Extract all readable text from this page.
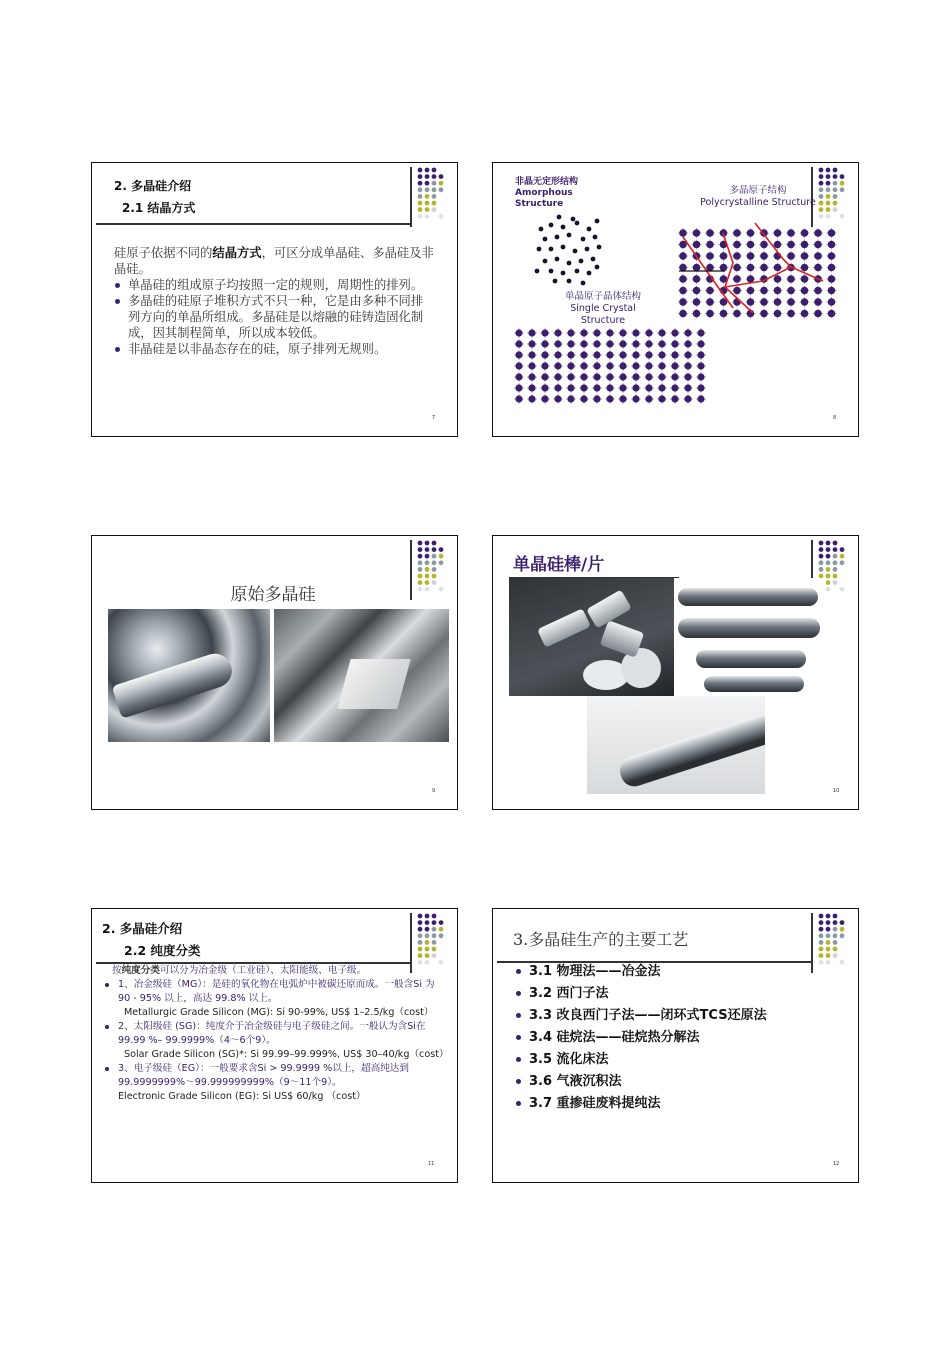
2. 多晶硅介绍
2.1 结晶方式
硅原子依据不同的结晶方式，可区分成单晶硅、多晶硅及非晶硅。
单晶硅的组成原子均按照一定的规则，周期性的排列。
多晶硅的硅原子堆积方式不只一种，它是由多种不同排列方向的单晶所组成。多晶硅是以熔融的硅铸造固化制成，因其制程简单，所以成本较低。
非晶硅是以非晶态存在的硅，原子排列无规则。
7
非晶无定形结构
Amorphous
Structure
多晶原子结构
Polycrystalline Structure
单晶原子晶体结构
Single Crystal
Structure
8
原始多晶硅
9
单晶硅棒/片
10
2. 多晶硅介绍
2.2 纯度分类
按纯度分类可以分为冶金级（工业硅）、太阳能级、电子级。
1、冶金级硅（MG）：是硅的氧化物在电弧炉中被碳还原而成。一般含Si 为90 - 95% 以上，高达 99.8% 以上。
Metallurgic Grade Silicon (MG): Si 90-99%, US$ 1–2.5/kg（cost）
2、太阳级硅 (SG)：纯度介于冶金级硅与电子级硅之间。一般认为含Si在 99.99 %– 99.9999%（4～6个9）。
Solar Grade Silicon (SG)*: Si 99.99–99.999%, US$ 30–40/kg（cost）
3、电子级硅（EG）：一般要求含Si > 99.9999 %以上，超高纯达到99.9999999%～99.999999999%（9～11个9）。
Electronic Grade Silicon (EG): Si US$ 60/kg （cost）
11
3.多晶硅生产的主要工艺
3.1 物理法——冶金法
3.2 西门子法
3.3 改良西门子法——闭环式TCS还原法
3.4 硅烷法——硅烷热分解法
3.5 流化床法
3.6 气液沉积法
3.7 重掺硅废料提纯法
12
